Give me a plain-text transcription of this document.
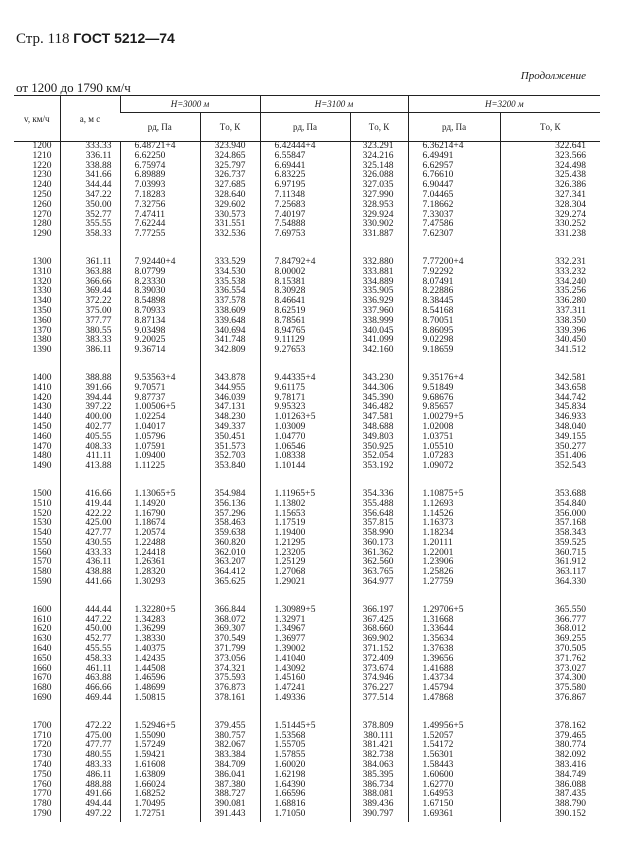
Стр. 118 ГОСТ 5212—74
Продолжение
от 1200 до 1790 км/ч
v, км/ч	a, м с	H=3000 м		H=3100 м		H=3200 м	
		pд, Па	Tо, К	pд, Па	Tо, К	pд, Па	Tо, К
1200	333.33	6.48721+4	323.940	6.42444+4	323.291	6.36214+4	322.641
1210	336.11	6.62250	324.865	6.55847	324.216	6.49491	323.566
1220	338.88	6.75974	325.797	6.69441	325.148	6.62957	324.498
1230	341.66	6.89889	326.737	6.83225	326.088	6.76610	325.438
1240	344.44	7.03993	327.685	6.97195	327.035	6.90447	326.386
1250	347.22	7.18283	328.640	7.11348	327.990	7.04465	327.341
1260	350.00	7.32756	329.602	7.25683	328.953	7.18662	328.304
1270	352.77	7.47411	330.573	7.40197	329.924	7.33037	329.274
1280	355.55	7.62244	331.551	7.54888	330.902	7.47586	330.252
1290	358.33	7.77255	332.536	7.69753	331.887	7.62307	331.238

1300	361.11	7.92440+4	333.529	7.84792+4	332.880	7.77200+4	332.231
1310	363.88	8.07799	334.530	8.00002	333.881	7.92292	333.232
1320	366.66	8.23330	335.538	8.15381	334.889	8.07491	334.240
1330	369.44	8.39030	336.554	8.30928	335.905	8.22886	335.256
1340	372.22	8.54898	337.578	8.46641	336.929	8.38445	336.280
1350	375.00	8.70933	338.609	8.62519	337.960	8.54168	337.311
1360	377.77	8.87134	339.648	8.78561	338.999	8.70051	338.350
1370	380.55	9.03498	340.694	8.94765	340.045	8.86095	339.396
1380	383.33	9.20025	341.748	9.11129	341.099	9.02298	340.450
1390	386.11	9.36714	342.809	9.27653	342.160	9.18659	341.512

1400	388.88	9.53563+4	343.878	9.44335+4	343.230	9.35176+4	342.581
1410	391.66	9.70571	344.955	9.61175	344.306	9.51849	343.658
1420	394.44	9.87737	346.039	9.78171	345.390	9.68676	344.742
1430	397.22	1.00506+5	347.131	9.95323	346.482	9.85657	345.834
1440	400.00	1.02254	348.230	1.01263+5	347.581	1.00279+5	346.933
1450	402.77	1.04017	349.337	1.03009	348.688	1.02008	348.040
1460	405.55	1.05796	350.451	1.04770	349.803	1.03751	349.155
1470	408.33	1.07591	351.573	1.06546	350.925	1.05510	350.277
1480	411.11	1.09400	352.703	1.08338	352.054	1.07283	351.406
1490	413.88	1.11225	353.840	1.10144	353.192	1.09072	352.543

1500	416.66	1.13065+5	354.984	1.11965+5	354.336	1.10875+5	353.688
1510	419.44	1.14920	356.136	1.13802	355.488	1.12693	354.840
1520	422.22	1.16790	357.296	1.15653	356.648	1.14526	356.000
1530	425.00	1.18674	358.463	1.17519	357.815	1.16373	357.168
1540	427.77	1.20574	359.638	1.19400	358.990	1.18234	358.343
1550	430.55	1.22488	360.820	1.21295	360.173	1.20111	359.525
1560	433.33	1.24418	362.010	1.23205	361.362	1.22001	360.715
1570	436.11	1.26361	363.207	1.25129	362.560	1.23906	361.912
1580	438.88	1.28320	364.412	1.27068	363.765	1.25826	363.117
1590	441.66	1.30293	365.625	1.29021	364.977	1.27759	364.330

1600	444.44	1.32280+5	366.844	1.30989+5	366.197	1.29706+5	365.550
1610	447.22	1.34283	368.072	1.32971	367.425	1.31668	366.777
1620	450.00	1.36299	369.307	1.34967	368.660	1.33644	368.012
1630	452.77	1.38330	370.549	1.36977	369.902	1.35634	369.255
1640	455.55	1.40375	371.799	1.39002	371.152	1.37638	370.505
1650	458.33	1.42435	373.056	1.41040	372.409	1.39656	371.762
1660	461.11	1.44508	374.321	1.43092	373.674	1.41688	373.027
1670	463.88	1.46596	375.593	1.45160	374.946	1.43734	374.300
1680	466.66	1.48699	376.873	1.47241	376.227	1.45794	375.580
1690	469.44	1.50815	378.161	1.49336	377.514	1.47868	376.867

1700	472.22	1.52946+5	379.455	1.51445+5	378.809	1.49956+5	378.162
1710	475.00	1.55090	380.757	1.53568	380.111	1.52057	379.465
1720	477.77	1.57249	382.067	1.55705	381.421	1.54172	380.774
1730	480.55	1.59421	383.384	1.57855	382.738	1.56301	382.092
1740	483.33	1.61608	384.709	1.60020	384.063	1.58443	383.416
1750	486.11	1.63809	386.041	1.62198	385.395	1.60600	384.749
1760	488.88	1.66024	387.380	1.64390	386.734	1.62770	386.088
1770	491.66	1.68252	388.727	1.66596	388.081	1.64953	387.435
1780	494.44	1.70495	390.081	1.68816	389.436	1.67150	388.790
1790	497.22	1.72751	391.443	1.71050	390.797	1.69361	390.152
